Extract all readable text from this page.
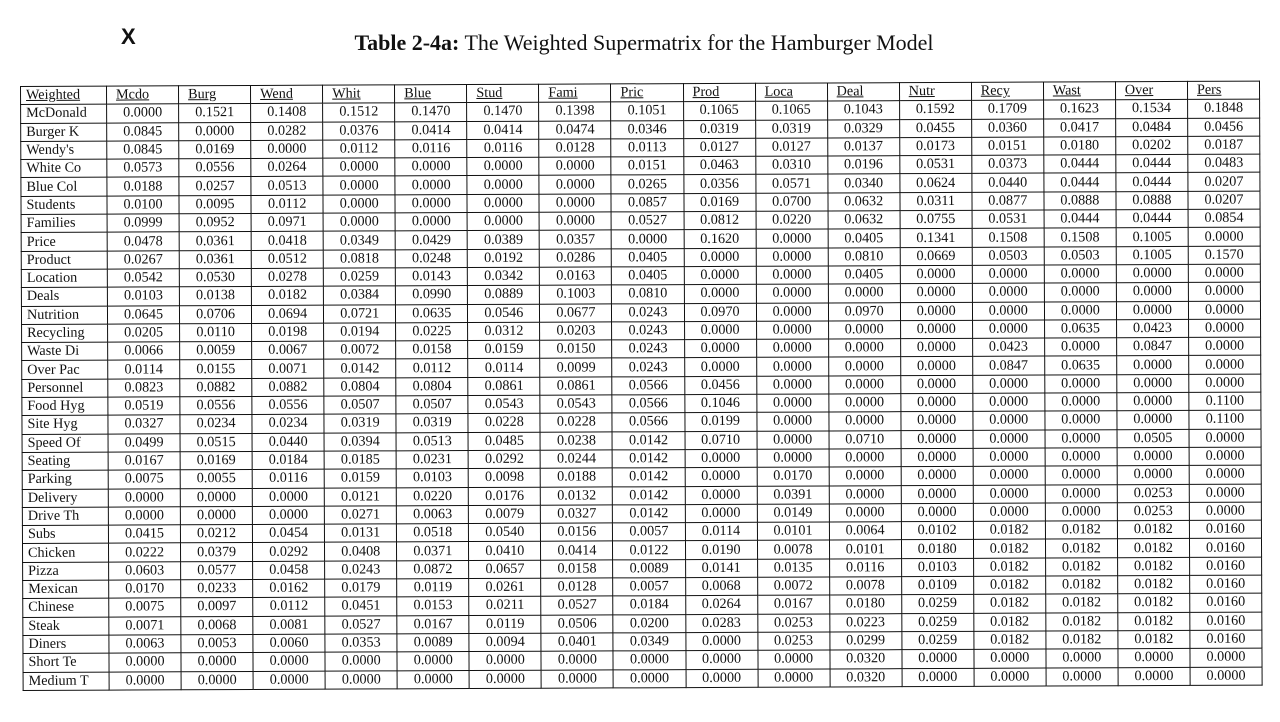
X	Table 2-4a: The Weighted Supermatrix for the Hamburger Model
Weighted	Mcdo	Burg	Wend	Whit	Blue	Stud	Fami	Pric	Prod	Loca	Deal	Nutr	Recy	Wast	Over	Pers
McDonald	0.0000	0.1521	0.1408	0.1512	0.1470	0.1470	0.1398	0.1051	0.1065	0.1065	0.1043	0.1592	0.1709	0.1623	0.1534	0.1848
Burger K	0.0845	0.0000	0.0282	0.0376	0.0414	0.0414	0.0474	0.0346	0.0319	0.0319	0.0329	0.0455	0.0360	0.0417	0.0484	0.0456
Wendy's	0.0845	0.0169	0.0000	0.0112	0.0116	0.0116	0.0128	0.0113	0.0127	0.0127	0.0137	0.0173	0.0151	0.0180	0.0202	0.0187
White Co	0.0573	0.0556	0.0264	0.0000	0.0000	0.0000	0.0000	0.0151	0.0463	0.0310	0.0196	0.0531	0.0373	0.0444	0.0444	0.0483
Blue Col	0.0188	0.0257	0.0513	0.0000	0.0000	0.0000	0.0000	0.0265	0.0356	0.0571	0.0340	0.0624	0.0440	0.0444	0.0444	0.0207
Students	0.0100	0.0095	0.0112	0.0000	0.0000	0.0000	0.0000	0.0857	0.0169	0.0700	0.0632	0.0311	0.0877	0.0888	0.0888	0.0207
Families	0.0999	0.0952	0.0971	0.0000	0.0000	0.0000	0.0000	0.0527	0.0812	0.0220	0.0632	0.0755	0.0531	0.0444	0.0444	0.0854
Price	0.0478	0.0361	0.0418	0.0349	0.0429	0.0389	0.0357	0.0000	0.1620	0.0000	0.0405	0.1341	0.1508	0.1508	0.1005	0.0000
Product	0.0267	0.0361	0.0512	0.0818	0.0248	0.0192	0.0286	0.0405	0.0000	0.0000	0.0810	0.0669	0.0503	0.0503	0.1005	0.1570
Location	0.0542	0.0530	0.0278	0.0259	0.0143	0.0342	0.0163	0.0405	0.0000	0.0000	0.0405	0.0000	0.0000	0.0000	0.0000	0.0000
Deals	0.0103	0.0138	0.0182	0.0384	0.0990	0.0889	0.1003	0.0810	0.0000	0.0000	0.0000	0.0000	0.0000	0.0000	0.0000	0.0000
Nutrition	0.0645	0.0706	0.0694	0.0721	0.0635	0.0546	0.0677	0.0243	0.0970	0.0000	0.0970	0.0000	0.0000	0.0000	0.0000	0.0000
Recycling	0.0205	0.0110	0.0198	0.0194	0.0225	0.0312	0.0203	0.0243	0.0000	0.0000	0.0000	0.0000	0.0000	0.0635	0.0423	0.0000
Waste Di	0.0066	0.0059	0.0067	0.0072	0.0158	0.0159	0.0150	0.0243	0.0000	0.0000	0.0000	0.0000	0.0423	0.0000	0.0847	0.0000
Over Pac	0.0114	0.0155	0.0071	0.0142	0.0112	0.0114	0.0099	0.0243	0.0000	0.0000	0.0000	0.0000	0.0847	0.0635	0.0000	0.0000
Personnel	0.0823	0.0882	0.0882	0.0804	0.0804	0.0861	0.0861	0.0566	0.0456	0.0000	0.0000	0.0000	0.0000	0.0000	0.0000	0.0000
Food Hyg	0.0519	0.0556	0.0556	0.0507	0.0507	0.0543	0.0543	0.0566	0.1046	0.0000	0.0000	0.0000	0.0000	0.0000	0.0000	0.1100
Site Hyg	0.0327	0.0234	0.0234	0.0319	0.0319	0.0228	0.0228	0.0566	0.0199	0.0000	0.0000	0.0000	0.0000	0.0000	0.0000	0.1100
Speed Of	0.0499	0.0515	0.0440	0.0394	0.0513	0.0485	0.0238	0.0142	0.0710	0.0000	0.0710	0.0000	0.0000	0.0000	0.0505	0.0000
Seating	0.0167	0.0169	0.0184	0.0185	0.0231	0.0292	0.0244	0.0142	0.0000	0.0000	0.0000	0.0000	0.0000	0.0000	0.0000	0.0000
Parking	0.0075	0.0055	0.0116	0.0159	0.0103	0.0098	0.0188	0.0142	0.0000	0.0170	0.0000	0.0000	0.0000	0.0000	0.0000	0.0000
Delivery	0.0000	0.0000	0.0000	0.0121	0.0220	0.0176	0.0132	0.0142	0.0000	0.0391	0.0000	0.0000	0.0000	0.0000	0.0253	0.0000
Drive Th	0.0000	0.0000	0.0000	0.0271	0.0063	0.0079	0.0327	0.0142	0.0000	0.0149	0.0000	0.0000	0.0000	0.0000	0.0253	0.0000
Subs	0.0415	0.0212	0.0454	0.0131	0.0518	0.0540	0.0156	0.0057	0.0114	0.0101	0.0064	0.0102	0.0182	0.0182	0.0182	0.0160
Chicken	0.0222	0.0379	0.0292	0.0408	0.0371	0.0410	0.0414	0.0122	0.0190	0.0078	0.0101	0.0180	0.0182	0.0182	0.0182	0.0160
Pizza	0.0603	0.0577	0.0458	0.0243	0.0872	0.0657	0.0158	0.0089	0.0141	0.0135	0.0116	0.0103	0.0182	0.0182	0.0182	0.0160
Mexican	0.0170	0.0233	0.0162	0.0179	0.0119	0.0261	0.0128	0.0057	0.0068	0.0072	0.0078	0.0109	0.0182	0.0182	0.0182	0.0160
Chinese	0.0075	0.0097	0.0112	0.0451	0.0153	0.0211	0.0527	0.0184	0.0264	0.0167	0.0180	0.0259	0.0182	0.0182	0.0182	0.0160
Steak	0.0071	0.0068	0.0081	0.0527	0.0167	0.0119	0.0506	0.0200	0.0283	0.0253	0.0223	0.0259	0.0182	0.0182	0.0182	0.0160
Diners	0.0063	0.0053	0.0060	0.0353	0.0089	0.0094	0.0401	0.0349	0.0000	0.0253	0.0299	0.0259	0.0182	0.0182	0.0182	0.0160
Short Te	0.0000	0.0000	0.0000	0.0000	0.0000	0.0000	0.0000	0.0000	0.0000	0.0000	0.0320	0.0000	0.0000	0.0000	0.0000	0.0000
Medium T	0.0000	0.0000	0.0000	0.0000	0.0000	0.0000	0.0000	0.0000	0.0000	0.0000	0.0320	0.0000	0.0000	0.0000	0.0000	0.0000
